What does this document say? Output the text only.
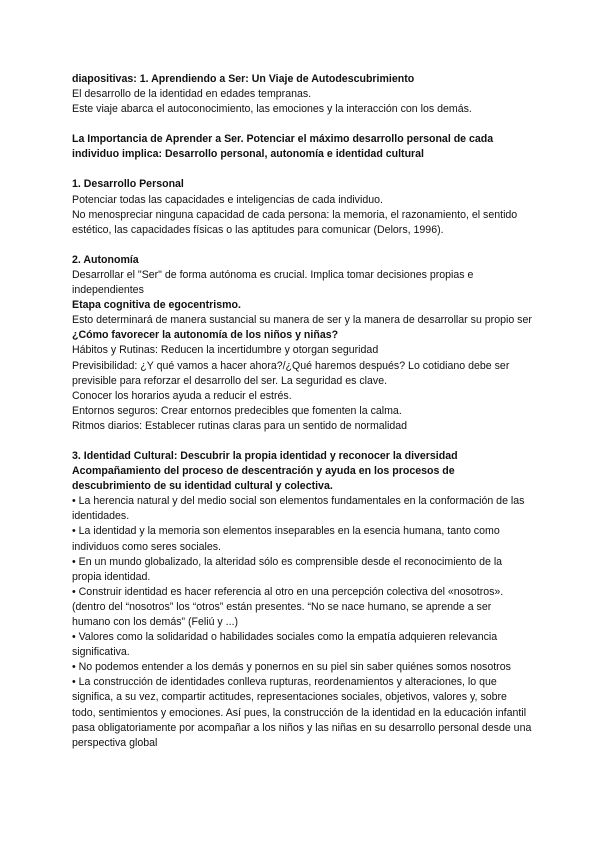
diapositivas: 1. Aprendiendo a Ser: Un Viaje de Autodescubrimiento

El desarrollo de la identidad en edades tempranas.

Este viaje abarca el autoconocimiento, las emociones y la interacción con los demás.

La Importancia de Aprender a Ser. Potenciar el máximo desarrollo personal de cada individuo implica: Desarrollo personal, autonomía e identidad cultural

1. Desarrollo Personal

Potenciar todas las capacidades e inteligencias de cada individuo.

No menospreciar ninguna capacidad de cada persona: la memoria, el razonamiento, el sentido estético, las capacidades físicas o las aptitudes para comunicar (Delors, 1996).

2. Autonomía

Desarrollar el "Ser" de forma autónoma es crucial. Implica tomar decisiones propias e independientes

Etapa cognitiva de egocentrismo.

Esto determinará de manera sustancial su manera de ser y la manera de desarrollar su propio ser

¿Cómo favorecer la autonomía de los niños y niñas?

Hábitos y Rutinas: Reducen la incertidumbre y otorgan seguridad

Previsibilidad: ¿Y qué vamos a hacer ahora?/¿Qué haremos después? Lo cotidiano debe ser previsible para reforzar el desarrollo del ser. La seguridad es clave.

Conocer los horarios ayuda a reducir el estrés.

Entornos seguros: Crear entornos predecibles que fomenten la calma.

Ritmos diarios: Establecer rutinas claras para un sentido de normalidad

3. Identidad Cultural: Descubrir la propia identidad y reconocer la diversidad

Acompañamiento del proceso de descentración y ayuda en los procesos de descubrimiento de su identidad cultural y colectiva.

• La herencia natural y del medio social son elementos fundamentales en la conformación de las identidades.

• La identidad y la memoria son elementos inseparables en la esencia humana, tanto como individuos como seres sociales.

• En un mundo globalizado, la alteridad sólo es comprensible desde el reconocimiento de la propia identidad.

• Construir identidad es hacer referencia al otro en una percepción colectiva del «nosotros». (dentro del “nosotros” los “otros” están presentes. “No se nace humano, se aprende a ser humano con los demás” (Feliú y ...)

• Valores como la solidaridad o habilidades sociales como la empatía adquieren relevancia significativa.

• No podemos entender a los demás y ponernos en su piel sin saber quiénes somos nosotros

• La construcción de identidades conlleva rupturas, reordenamientos y alteraciones, lo que significa, a su vez, compartir actitudes, representaciones sociales, objetivos, valores y, sobre todo, sentimientos y emociones. Así pues, la construcción de la identidad en la educación infantil pasa obligatoriamente por acompañar a los niños y las niñas en su desarrollo personal desde una perspectiva global
